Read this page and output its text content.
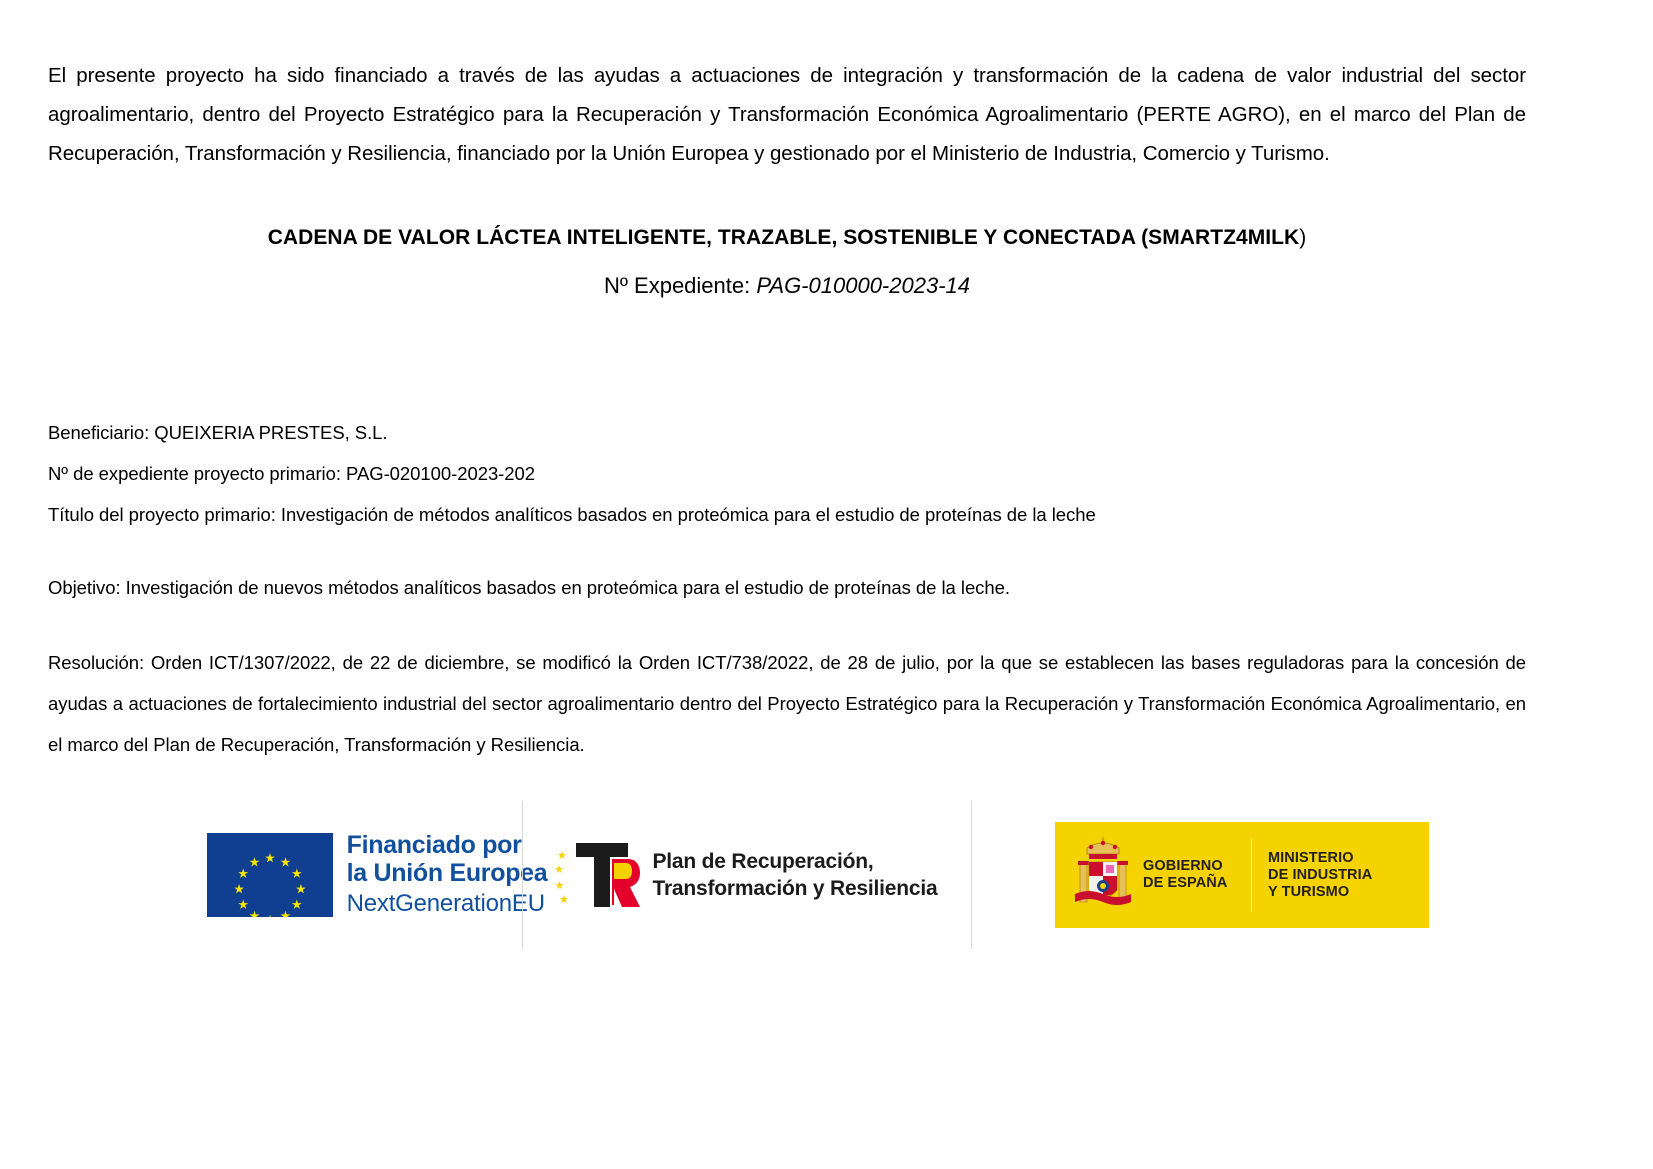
El presente proyecto ha sido financiado a través de las ayudas a actuaciones de integración y transformación de la cadena de valor industrial del sector agroalimentario, dentro del Proyecto Estratégico para la Recuperación y Transformación Económica Agroalimentario (PERTE AGRO), en el marco del Plan de Recuperación, Transformación y Resiliencia, financiado por la Unión Europea y gestionado por el Ministerio de Industria, Comercio y Turismo.

CADENA DE VALOR LÁCTEA INTELIGENTE, TRAZABLE, SOSTENIBLE Y CONECTADA (SMARTZ4MILK)
Nº Expediente: PAG-010000-2023-14
Beneficiario: QUEIXERIA PRESTES, S.L.
Nº de expediente proyecto primario: PAG-020100-2023-202
Título del proyecto primario: Investigación de métodos analíticos basados en proteómica para el estudio de proteínas de la leche
Objetivo: Investigación de nuevos métodos analíticos basados en proteómica para el estudio de proteínas de la leche.
Resolución: Orden ICT/1307/2022, de 22 de diciembre, se modificó la Orden ICT/738/2022, de 28 de julio, por la que se establecen las bases reguladoras para la concesión de ayudas a actuaciones de fortalecimiento industrial del sector agroalimentario dentro del Proyecto Estratégico para la Recuperación y Transformación Económica Agroalimentario, en el marco del Plan de Recuperación, Transformación y Resiliencia.
Financiado por
la Unión Europea
NextGenerationEU
Plan de Recuperación,
Transformación y Resiliencia
GOBIERNO
DE ESPAÑA
MINISTERIO
DE INDUSTRIA
Y TURISMO
